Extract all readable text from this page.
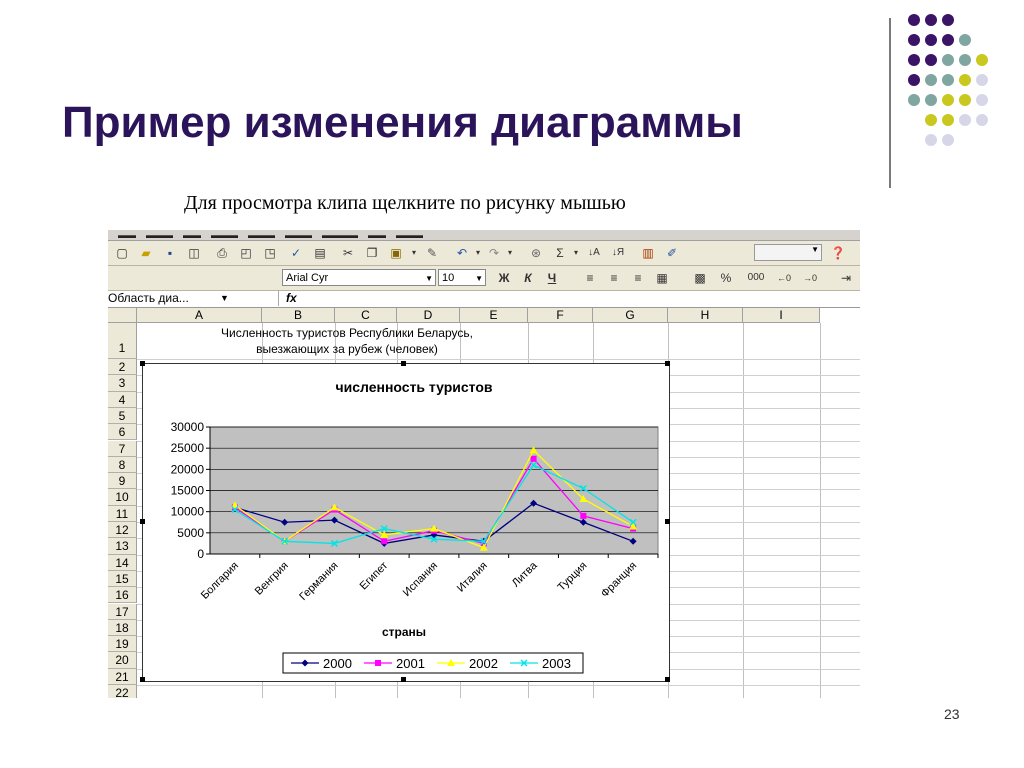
Пример изменения диаграммы
Для просмотра клипа щелкните по рисунку мышью
▬▬ ▬▬▬ ▬▬ ▬▬▬ ▬▬▬ ▬▬▬ ▬▬▬▬ ▬▬ ▬▬▬
▢ ▰	▪	◫ ⎙ ◰ ◳ ✓ ▤ ✂ ❐ ▣	▾ ✎ ↶	▾ ↷	▾	⊛	Σ	▾	↓A ↓Я ▥ ✐	▼ ❓
Arial Cyr	▼ 10	▼ Ж	К	Ч	≡	≡	≡	▦ ▩ %	000	←0 →0 ⇥
Область диа...	▼	fx
A	B	C	D	E	F	G	H	I
1
2
3
4
5
6
7
8
9
10
11
12
13
14
15
16
17
18
19
20
21
22
Численность туристов Республики Беларусь,
выезжающих за рубеж (человек)
численность туристов
0
5000
10000
15000
20000
25000
30000
Болгария Венгрия Германия Египет Испания Италия Литва Турция Франция
страны
2000	2001	2002	2003
23
